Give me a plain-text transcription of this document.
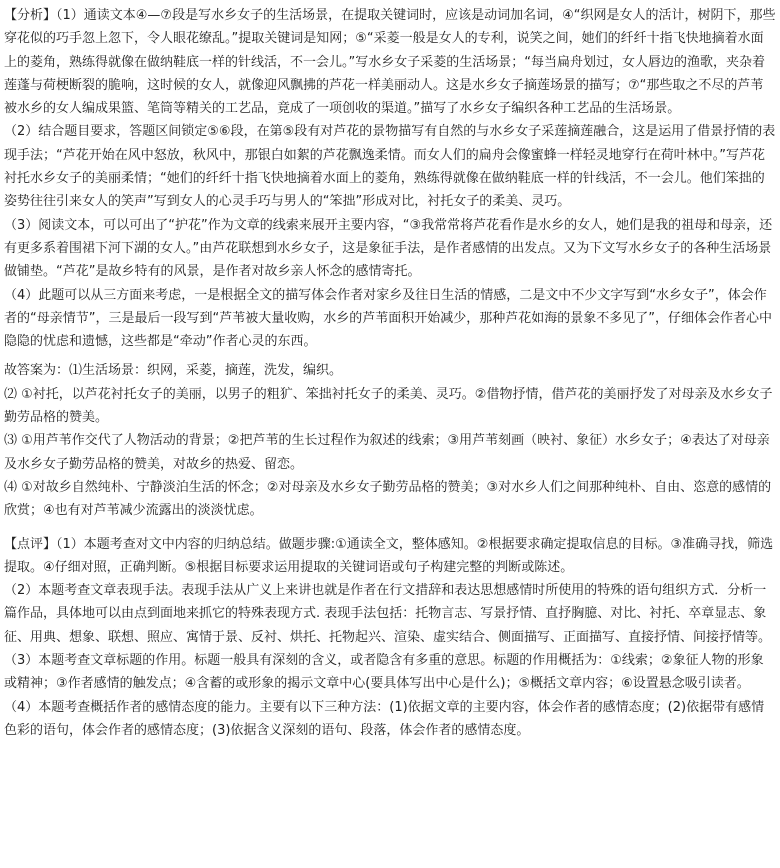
【分析】（1）通读文本④—⑦段是写水乡女子的生活场景，在提取关键词时，应该是动词加名词，④“织网是女人的活计，树阴下，那些穿花似的巧手忽上忽下，令人眼花缭乱。”提取关键词是知网；⑤“采菱一般是女人的专利，说笑之间，她们的纤纤十指飞快地摘着水面上的菱角，熟练得就像在做纳鞋底一样的针线活，不一会儿。”写水乡女子采菱的生活场景；“每当扁舟划过，女人唇边的渔歌，夹杂着莲蓬与荷梗断裂的脆响，这时候的女人，就像迎风飘拂的芦花一样美丽动人。这是水乡女子摘莲场景的描写；⑦“那些取之不尽的芦苇被水乡的女人编成果篮、笔筒等精关的工艺品，竟成了一项创收的渠道。”描写了水乡女子编织各种工艺品的生活场景。

（2）结合题目要求，答题区间锁定⑤⑥段，在第⑤段有对芦花的景物描写有自然的与水乡女子采莲摘莲融合，这是运用了借景抒情的表现手法；“芦花开始在风中怒放，秋风中，那银白如絮的芦花飘逸柔情。而女人们的扁舟会像蜜蜂一样轻灵地穿行在荷叶林中。”写芦花衬托水乡女子的美丽柔情；“她们的纤纤十指飞快地摘着水面上的菱角，熟练得就像在做纳鞋底一样的针线活，不一会儿。他们笨拙的姿势往往引来女人的笑声”写到女人的心灵手巧与男人的“笨拙”形成对比，衬托女子的柔美、灵巧。

（3）阅读文本，可以可出了“护花”作为文章的线索来展开主要内容，“③我常常将芦花看作是水乡的女人，她们是我的祖母和母亲，还有更多系着围裙下河下湖的女人。”由芦花联想到水乡女子，这是象征手法，是作者感情的出发点。又为下文写水乡女子的各种生活场景做铺垫。“芦花”是故乡特有的风景，是作者对故乡亲人怀念的感情寄托。

（4）此题可以从三方面来考虑，一是根据全文的描写体会作者对家乡及往日生活的情感，二是文中不少文字写到“水乡女子”，体会作者的“母亲情节”，三是最后一段写到“芦苇被大量收购，水乡的芦苇面积开始减少，那种芦花如海的景象不多见了”，仔细体会作者心中隐隐的忧虑和遗憾，这些都是“牵动”作者心灵的东西。

故答案为：⑴生活场景：织网，采菱，摘莲，洗发，编织。

⑵ ①衬托，以芦花衬托女子的美丽，以男子的粗犷、笨拙衬托女子的柔美、灵巧。②借物抒情，借芦花的美丽抒发了对母亲及水乡女子勤劳品格的赞美。

⑶ ①用芦苇作交代了人物活动的背景；②把芦苇的生长过程作为叙述的线索；③用芦苇刻画（映衬、象征）水乡女子；④表达了对母亲及水乡女子勤劳品格的赞美，对故乡的热爱、留恋。

⑷ ①对故乡自然纯朴、宁静淡泊生活的怀念；②对母亲及水乡女子勤劳品格的赞美；③对水乡人们之间那种纯朴、自由、恣意的感情的欣赏；④也有对芦苇减少流露出的淡淡忧虑。

【点评】（1）本题考查对文中内容的归纳总结。做题步骤:①通读全文，整体感知。②根据要求确定提取信息的目标。③准确寻找，筛选提取。④仔细对照，正确判断。⑤根据目标要求运用提取的关键词语或句子构建完整的判断或陈述。

（2）本题考查文章表现手法。表现手法从广义上来讲也就是作者在行文措辞和表达思想感情时所使用的特殊的语句组织方式．分析一篇作品，具体地可以由点到面地来抓它的特殊表现方式. 表现手法包括：托物言志、写景抒情、直抒胸臆、对比、衬托、卒章显志、象征、用典、想象、联想、照应、寓情于景、反衬、烘托、托物起兴、渲染、虚实结合、侧面描写、正面描写、直接抒情、间接抒情等。

（3）本题考查文章标题的作用。标题一般具有深刻的含义，或者隐含有多重的意思。标题的作用概括为：①线索；②象征人物的形象或精神；③作者感情的触发点；④含蓄的或形象的揭示文章中心(要具体写出中心是什么)；⑤概括文章内容；⑥设置悬念吸引读者。

（4）本题考查概括作者的感情态度的能力。主要有以下三种方法：(1)依据文章的主要内容，体会作者的感情态度；(2)依据带有感情色彩的语句，体会作者的感情态度；(3)依据含义深刻的语句、段落，体会作者的感情态度。
